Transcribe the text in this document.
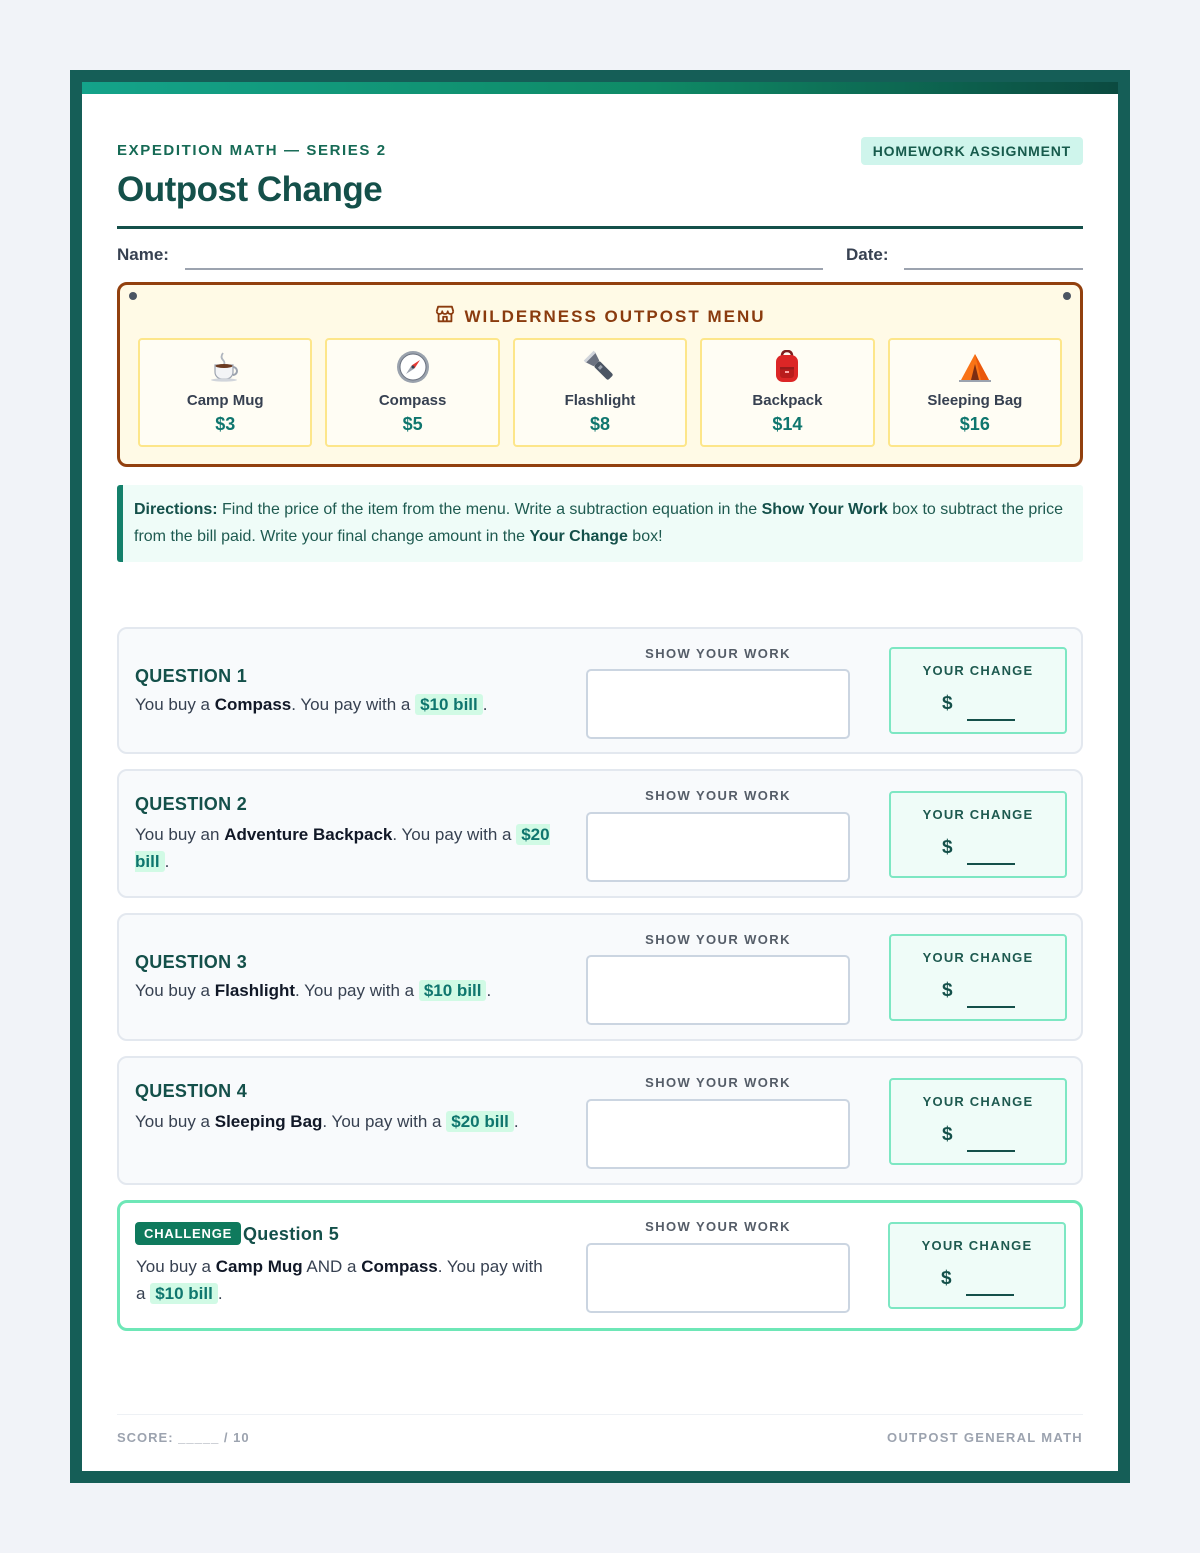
EXPEDITION MATH — SERIES 2	HOMEWORK ASSIGNMENT
Outpost Change
Name:	Date:
WILDERNESS OUTPOST MENU
Camp Mug
$3
Compass
$5
Flashlight
$8
Backpack
$14
Sleeping Bag
$16
Directions: Find the price of the item from the menu. Write a subtraction equation in the Show Your Work box to subtract the price from the bill paid. Write your final change amount in the Your Change box!
QUESTION 1
You buy a Compass. You pay with a $10 bill .
SHOW YOUR WORK
YOUR CHANGE
$
QUESTION 2
You buy an Adventure Backpack. You pay with a $20 bill .
SHOW YOUR WORK
YOUR CHANGE
$
QUESTION 3
You buy a Flashlight. You pay with a $10 bill .
SHOW YOUR WORK
YOUR CHANGE
$
QUESTION 4
You buy a Sleeping Bag. You pay with a $20 bill .
SHOW YOUR WORK
YOUR CHANGE
$
CHALLENGE Question 5
You buy a Camp Mug AND a Compass. You pay with a $10 bill .
SHOW YOUR WORK
YOUR CHANGE
$
SCORE: _____ / 10	OUTPOST GENERAL MATH
